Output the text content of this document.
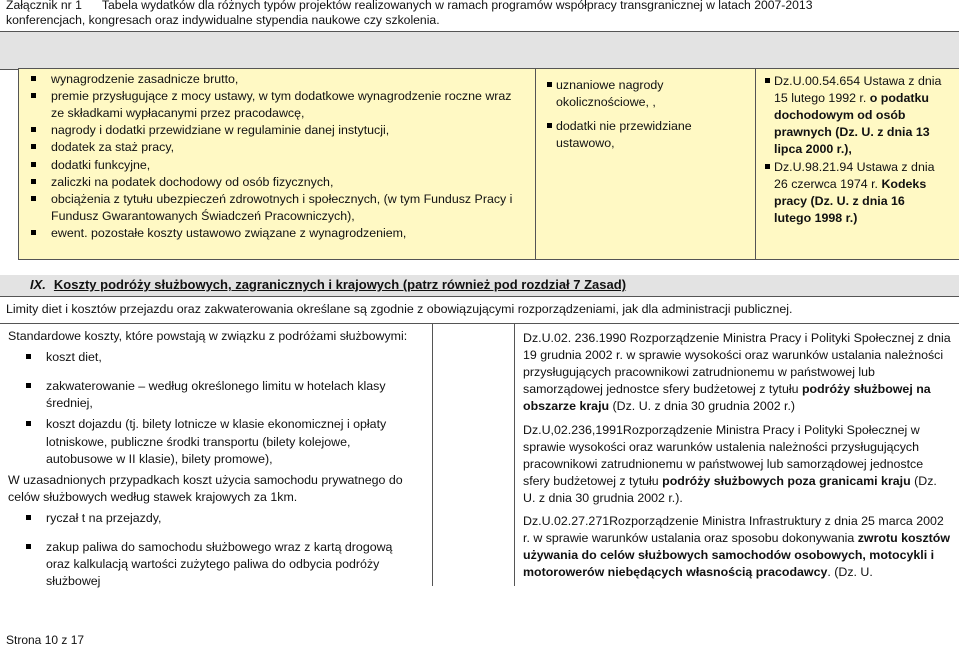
Załącznik nr 1 Tabela wydatków dla różnych typów projektów realizowanych w ramach programów współpracy transgranicznej w latach 2007-2013
konferencjach, kongresach oraz indywidualne stypendia naukowe czy szkolenia.
wynagrodzenie zasadnicze brutto,
premie przysługujące z mocy ustawy, w tym dodatkowe wynagrodzenie roczne wraz ze składkami wypłacanymi przez pracodawcę,
nagrody i dodatki przewidziane w regulaminie danej instytucji,
dodatek za staż pracy,
dodatki funkcyjne,
zaliczki na podatek dochodowy od osób fizycznych,
obciążenia z tytułu ubezpieczeń zdrowotnych i społecznych, (w tym Fundusz Pracy i Fundusz Gwarantowanych Świadczeń Pracowniczych),
ewent. pozostałe koszty ustawowo związane z wynagrodzeniem,
uznaniowe nagrody okolicznościowe, ,
dodatki nie przewidziane ustawowo,
Dz.U.00.54.654 Ustawa z dnia 15 lutego 1992 r. o podatku dochodowym od osób prawnych (Dz. U. z dnia 13 lipca 2000 r.),
Dz.U.98.21.94 Ustawa z dnia 26 czerwca 1974 r. Kodeks pracy (Dz. U. z dnia 16 lutego 1998 r.)
IX. Koszty podróży służbowych, zagranicznych i krajowych (patrz również pod rozdział 7 Zasad)
Limity diet i kosztów przejazdu oraz zakwaterowania określane są zgodnie z obowiązującymi rozporządzeniami, jak dla administracji publicznej.
Standardowe koszty, które powstają w związku z podróżami służbowymi:
koszt diet,
zakwaterowanie – według określonego limitu w hotelach klasy średniej,
koszt dojazdu (tj. bilety lotnicze w klasie ekonomicznej i opłaty lotniskowe, publiczne środki transportu (bilety kolejowe, autobusowe w II klasie), bilety promowe),
W uzasadnionych przypadkach koszt użycia samochodu prywatnego do celów służbowych według stawek krajowych za 1km.
ryczał t na przejazdy,
zakup paliwa do samochodu służbowego wraz z kartą drogową oraz kalkulacją wartości zużytego paliwa do odbycia podróży służbowej

Dz.U.02. 236.1990 Rozporządzenie Ministra Pracy i Polityki Społecznej z dnia 19 grudnia 2002 r. w sprawie wysokości oraz warunków ustalania należności przysługujących pracownikowi zatrudnionemu w państwowej lub samorządowej jednostce sfery budżetowej z tytułu podróży służbowej na obszarze kraju (Dz. U. z dnia 30 grudnia 2002 r.)

Dz.U,02.236,1991Rozporządzenie Ministra Pracy i Polityki Społecznej w sprawie wysokości oraz warunków ustalenia należności przysługujących pracownikowi zatrudnionemu w państwowej lub samorządowej jednostce sfery budżetowej z tytułu podróży służbowych poza granicami kraju (Dz. U. z dnia 30 grudnia 2002 r.).

Dz.U.02.27.271Rozporządzenie Ministra Infrastruktury z dnia 25 marca 2002 r. w sprawie warunków ustalania oraz sposobu dokonywania zwrotu kosztów używania do celów służbowych samochodów osobowych, motocykli i motorowerów niebędących własnością pracodawcy. (Dz. U.

Strona 10 z 17
